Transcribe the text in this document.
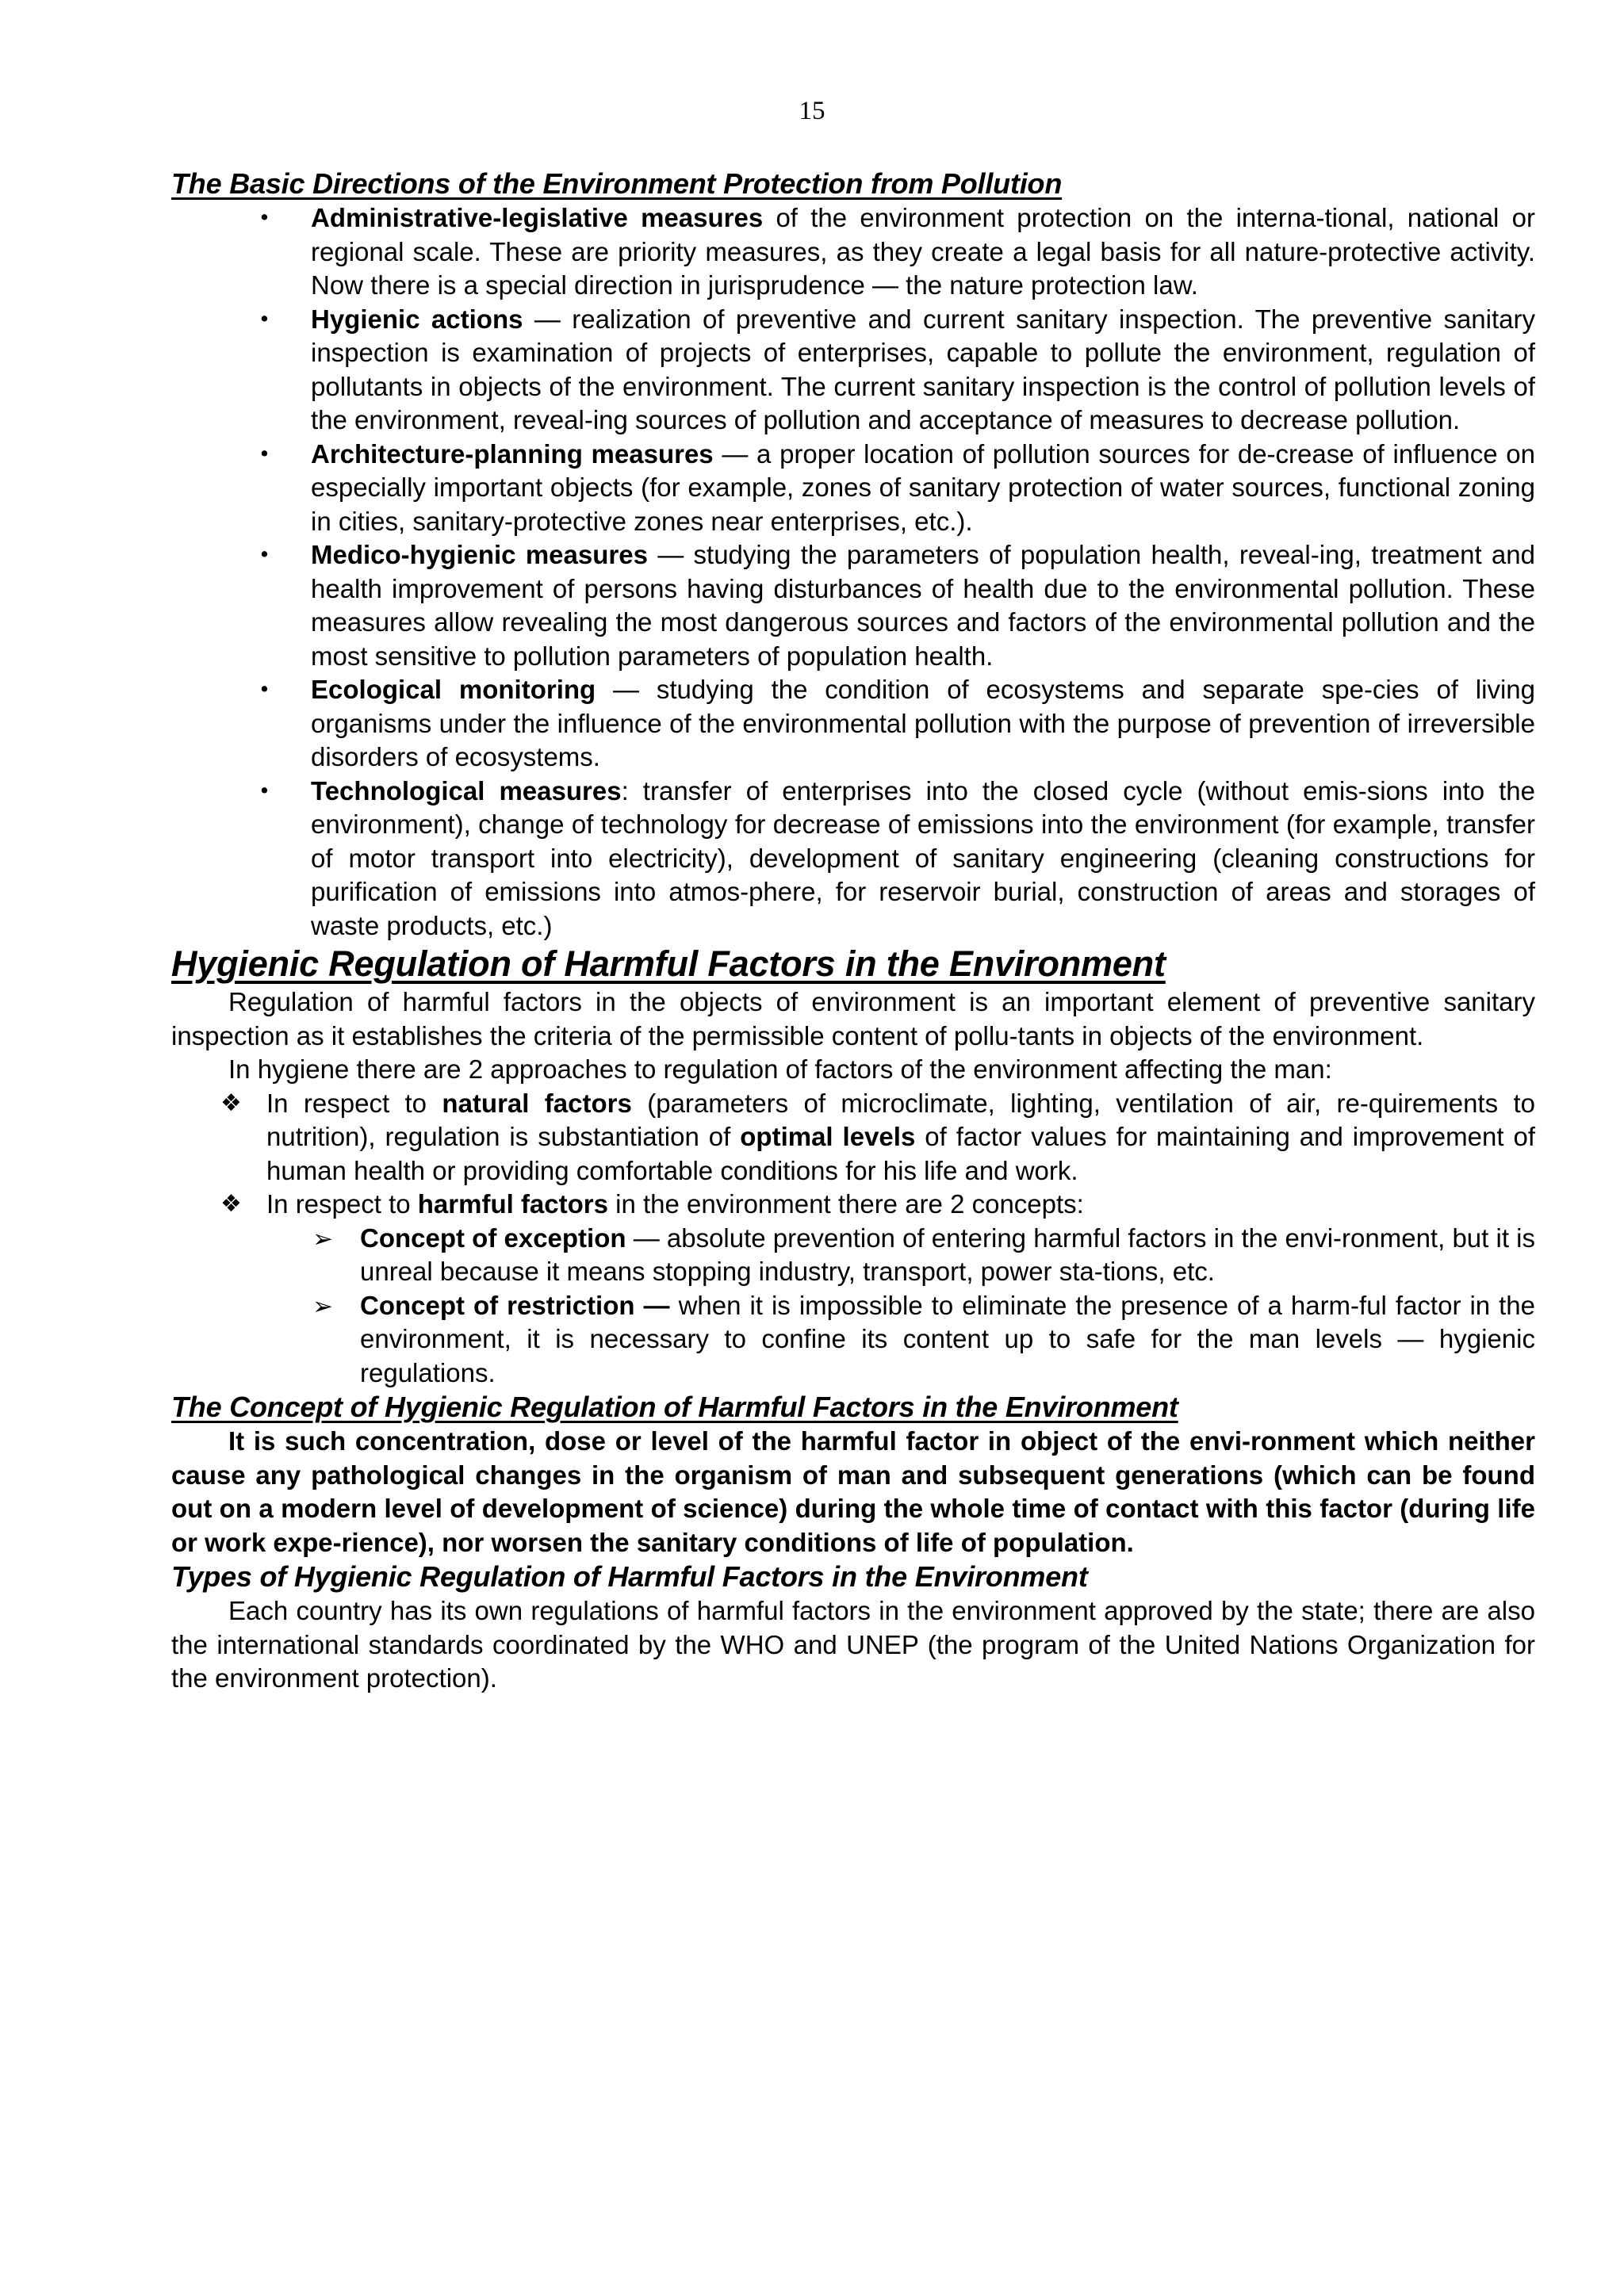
15
The Basic Directions of the Environment Protection from Pollution
• Administrative-legislative measures of the environment protection on the interna-tional, national or regional scale. These are priority measures, as they create a legal basis for all nature-protective activity. Now there is a special direction in jurisprudence — the nature protection law.
• Hygienic actions — realization of preventive and current sanitary inspection. The preventive sanitary inspection is examination of projects of enterprises, capable to pollute the environment, regulation of pollutants in objects of the environment. The current sanitary inspection is the control of pollution levels of the environment, reveal-ing sources of pollution and acceptance of measures to decrease pollution.
• Architecture-planning measures — a proper location of pollution sources for de-crease of influence on especially important objects (for example, zones of sanitary protection of water sources, functional zoning in cities, sanitary-protective zones near enterprises, etc.).
• Medico-hygienic measures — studying the parameters of population health, reveal-ing, treatment and health improvement of persons having disturbances of health due to the environmental pollution. These measures allow revealing the most dangerous sources and factors of the environmental pollution and the most sensitive to pollution parameters of population health.
• Ecological monitoring — studying the condition of ecosystems and separate spe-cies of living organisms under the influence of the environmental pollution with the purpose of prevention of irreversible disorders of ecosystems.
• Technological measures: transfer of enterprises into the closed cycle (without emis-sions into the environment), change of technology for decrease of emissions into the environment (for example, transfer of motor transport into electricity), development of sanitary engineering (cleaning constructions for purification of emissions into atmos-phere, for reservoir burial, construction of areas and storages of waste products, etc.)
Hygienic Regulation of Harmful Factors in the Environment

Regulation of harmful factors in the objects of environment is an important element of preventive sanitary inspection as it establishes the criteria of the permissible content of pollu-tants in objects of the environment.

In hygiene there are 2 approaches to regulation of factors of the environment affecting the man:

❖ In respect to natural factors (parameters of microclimate, lighting, ventilation of air, re-quirements to nutrition), regulation is substantiation of optimal levels of factor values for maintaining and improvement of human health or providing comfortable conditions for his life and work.
❖ In respect to harmful factors in the environment there are 2 concepts:
➢ Concept of exception — absolute prevention of entering harmful factors in the envi-ronment, but it is unreal because it means stopping industry, transport, power sta-tions, etc.
➢ Concept of restriction — when it is impossible to eliminate the presence of a harm-ful factor in the environment, it is necessary to confine its content up to safe for the man levels — hygienic regulations.
The Concept of Hygienic Regulation of Harmful Factors in the Environment

It is such concentration, dose or level of the harmful factor in object of the envi-ronment which neither cause any pathological changes in the organism of man and subsequent generations (which can be found out on a modern level of development of science) during the whole time of contact with this factor (during life or work expe-rience), nor worsen the sanitary conditions of life of population.

Types of Hygienic Regulation of Harmful Factors in the Environment

Each country has its own regulations of harmful factors in the environment approved by the state; there are also the international standards coordinated by the WHO and UNEP (the program of the United Nations Organization for the environment protection).
